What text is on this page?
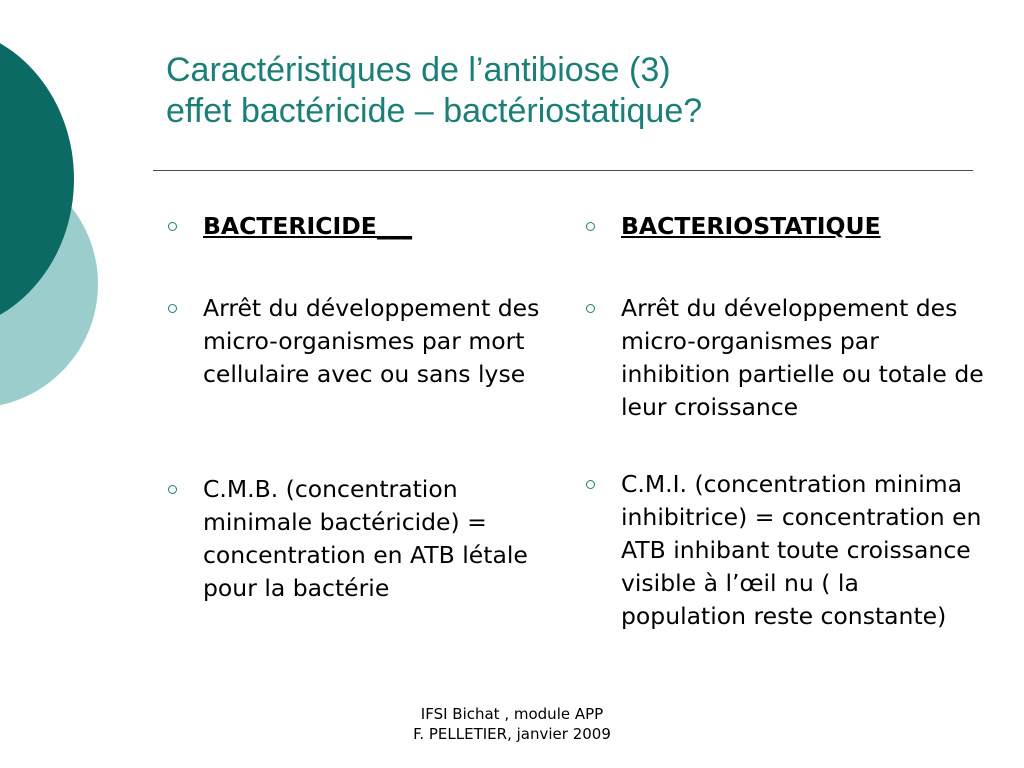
Caractéristiques de l’antibiose (3)
effet bactéricide – bactériostatique?
BACTERICIDE___
Arrêt du développement des micro-organismes par mort cellulaire avec ou sans lyse
C.M.B. (concentration minimale bactéricide) = concentration en ATB létale pour la bactérie
BACTERIOSTATIQUE
Arrêt du développement des micro-organismes par inhibition partielle ou totale de leur croissance
C.M.I. (concentration minima inhibitrice) = concentration en ATB inhibant toute croissance visible à l’œil nu ( la population reste constante)
IFSI Bichat , module APP
F. PELLETIER, janvier 2009
